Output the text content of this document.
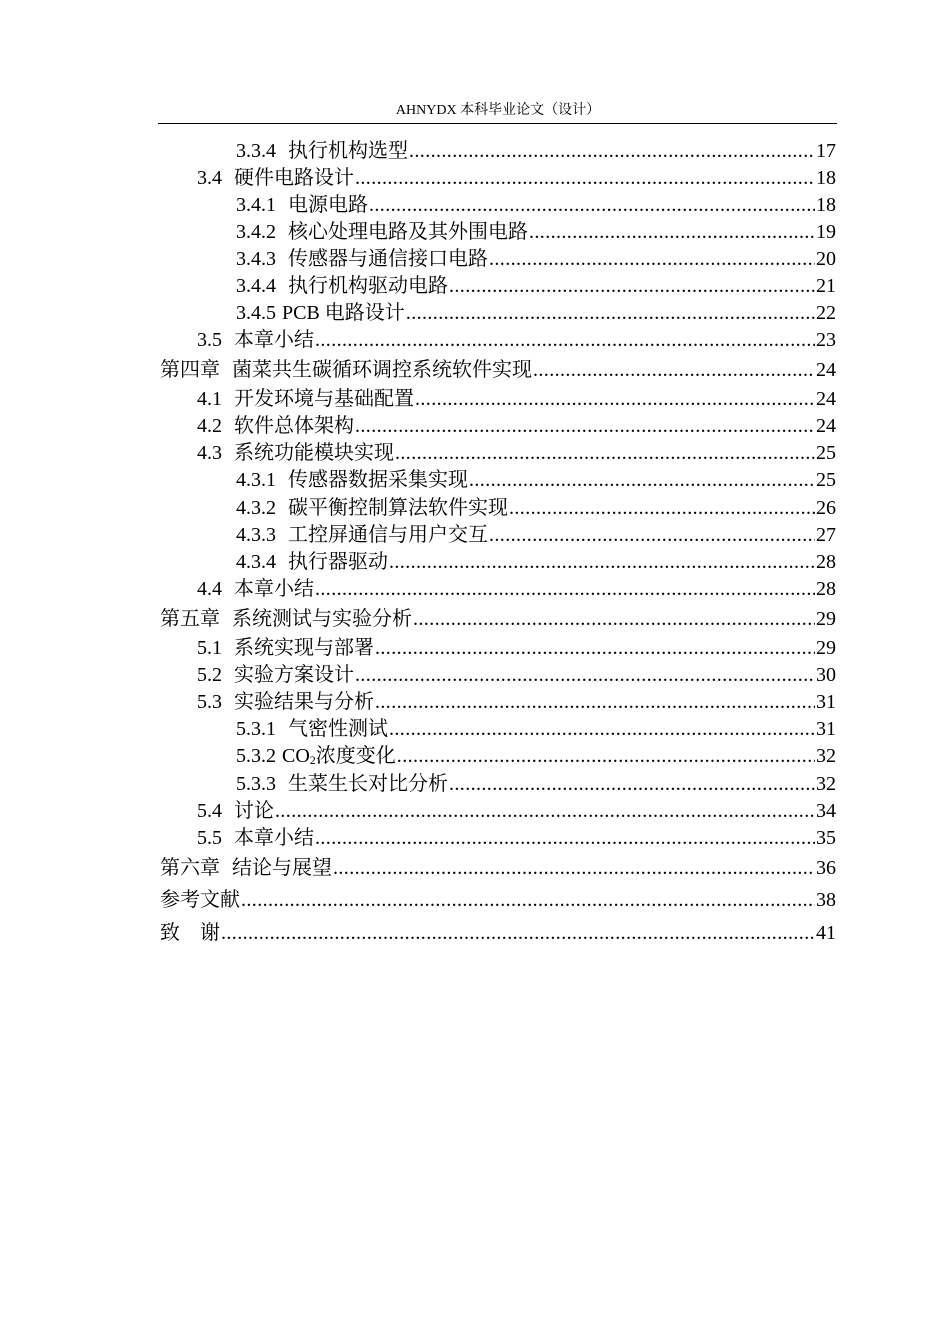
AHNYDX 本科毕业论文（设计）
3.3.4 执行机构选型 .....	17
3.4 硬件电路设计 .....	18
3.4.1 电源电路 .....	18
3.4.2 核心处理电路及其外围电路 .....	19
3.4.3 传感器与通信接口电路 .....	20
3.4.4 执行机构驱动电路 .....	21
3.4.5 PCB 电路设计 .....	22
3.5 本章小结 .....	23
第四章 菌菜共生碳循环调控系统软件实现 .....	24
4.1 开发环境与基础配置 .....	24
4.2 软件总体架构 .....	24
4.3 系统功能模块实现 .....	25
4.3.1 传感器数据采集实现 .....	25
4.3.2 碳平衡控制算法软件实现 .....	26
4.3.3 工控屏通信与用户交互 .....	27
4.3.4 执行器驱动 .....	28
4.4 本章小结 .....	28
第五章 系统测试与实验分析 .....	29
5.1 系统实现与部署 .....	29
5.2 实验方案设计 .....	30
5.3 实验结果与分析 .....	31
5.3.1 气密性测试 .....	31
5.3.2 $CO_2$浓度变化 .....	32
5.3.3 生菜生长对比分析 .....	32
5.4 讨论 .....	34
5.5 本章小结 .....	35
第六章 结论与展望 .....	36
参考文献 .....	38
致　谢 .....	41
